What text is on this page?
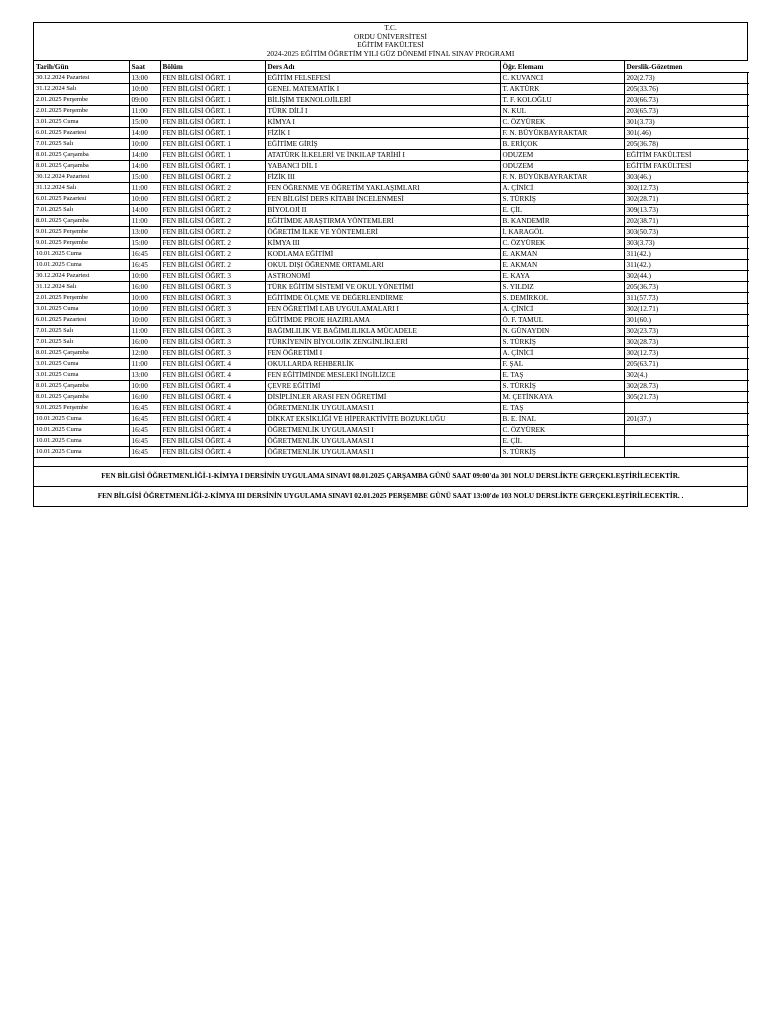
T.C.
ORDU ÜNİVERSİTESİ
EĞİTİM FAKÜLTESİ
2024-2025 EĞİTİM ÖĞRETİM YILI GÜZ DÖNEMİ FİNAL SINAV PROGRAMI
Tarih/Gün	Saat	Bölüm	Ders Adı	Öğr. Elemanı	Derslik-Gözetmen
30.12.2024 Pazartesi	13:00	FEN BİLGİSİ ÖĞRT. 1	EĞİTİM FELSEFESİ	C. KUVANCI	202(2.73)
31.12.2024 Salı	10:00	FEN BİLGİSİ ÖĞRT. 1	GENEL MATEMATİK I	T. AKTÜRK	205(33.76)
2.01.2025 Perşembe	09:00	FEN BİLGİSİ ÖĞRT. 1	BİLİŞİM TEKNOLOJİLERİ	T. F. KOLOĞLU	203(66.73)
2.01.2025 Perşembe	11:00	FEN BİLGİSİ ÖĞRT. 1	TÜRK DİLİ I	N. KUL	203(65.73)
3.01.2025 Cuma	15:00	FEN BİLGİSİ ÖĞRT. 1	KİMYA I	C. ÖZYÜREK	301(3.73)
6.01.2025 Pazartesi	14:00	FEN BİLGİSİ ÖĞRT. 1	FİZİK I	F. N. BÜYÜKBAYRAKTAR	301(.46)
7.01.2025 Salı	10:00	FEN BİLGİSİ ÖĞRT. 1	EĞİTİME GİRİŞ	B. ERİÇOK	205(36.78)
8.01.2025 Çarşamba	14:00	FEN BİLGİSİ ÖĞRT. 1	ATATÜRK İLKELERİ VE İNKILAP TARİHİ I	ODUZEM	EĞİTİM FAKÜLTESİ
8.01.2025 Çarşamba	14:00	FEN BİLGİSİ ÖĞRT. 1	YABANCI DİL I	ODUZEM	EĞİTİM FAKÜLTESİ
30.12.2024 Pazartesi	15:00	FEN BİLGİSİ ÖĞRT. 2	FİZİK III	F. N. BÜYÜKBAYRAKTAR	303(46.)
31.12.2024 Salı	11:00	FEN BİLGİSİ ÖĞRT. 2	FEN ÖĞRENME VE ÖĞRETİM YAKLAŞIMLARI	A. ÇİNİCİ	302(12.73)
6.01.2025 Pazartesi	10:00	FEN BİLGİSİ ÖĞRT. 2	FEN BİLGİSİ DERS KİTABI İNCELENMESİ	S. TÜRKİŞ	302(28.71)
7.01.2025 Salı	14:00	FEN BİLGİSİ ÖĞRT. 2	BİYOLOJİ II	E. ÇİL	309(13.73)
8.01.2025 Çarşamba	11:00	FEN BİLGİSİ ÖĞRT. 2	EĞİTİMDE ARAŞTIRMA YÖNTEMLERİ	B. KANDEMİR	202(38.71)
9.01.2025 Perşembe	13:00	FEN BİLGİSİ ÖĞRT. 2	ÖĞRETİM İLKE VE YÖNTEMLERİ	İ. KARAGÖL	303(50.73)
9.01.2025 Perşembe	15:00	FEN BİLGİSİ ÖĞRT. 2	KİMYA III	C. ÖZYÜREK	303(3.73)
10.01.2025 Cuma	16:45	FEN BİLGİSİ ÖĞRT. 2	KODLAMA EĞİTİMİ	E. AKMAN	311(42.)
10.01.2025 Cuma	16:45	FEN BİLGİSİ ÖĞRT. 2	OKUL DIŞI ÖĞRENME ORTAMLARI	E. AKMAN	311(42.)
30.12.2024 Pazartesi	10:00	FEN BİLGİSİ ÖĞRT. 3	ASTRONOMİ	E. KAYA	302(44.)
31.12.2024 Salı	16:00	FEN BİLGİSİ ÖĞRT. 3	TÜRK EĞİTİM SİSTEMİ VE OKUL YÖNETİMİ	S. YILDIZ	205(36.73)
2.01.2025 Perşembe	10:00	FEN BİLGİSİ ÖĞRT. 3	EĞİTİMDE ÖLÇME VE DEĞERLENDİRME	S. DEMİRKOL	311(57.73)
3.01.2025 Cuma	10:00	FEN BİLGİSİ ÖĞRT. 3	FEN ÖĞRETİMİ LAB UYGULAMALARI I	A. ÇİNİCİ	302(12.71)
6.01.2025 Pazartesi	10:00	FEN BİLGİSİ ÖĞRT. 3	EĞİTİMDE PROJE HAZIRLAMA	Ö. F. TAMUL	301(60.)
7.01.2025 Salı	11:00	FEN BİLGİSİ ÖĞRT. 3	BAĞIMLILIK VE BAĞIMLILIKLA MÜCADELE	N. GÜNAYDIN	302(23.73)
7.01.2025 Salı	16:00	FEN BİLGİSİ ÖĞRT. 3	TÜRKİYENİN BİYOLOJİK ZENGİNLİKLERİ	S. TÜRKİŞ	302(28.73)
8.01.2025 Çarşamba	12:00	FEN BİLGİSİ ÖĞRT. 3	FEN ÖĞRETİMİ I	A. ÇİNİCİ	302(12.73)
3.01.2025 Cuma	11:00	FEN BİLGİSİ ÖĞRT. 4	OKULLARDA REHBERLİK	F. ŞAL	205(63.71)
3.01.2025 Cuma	13:00	FEN BİLGİSİ ÖĞRT. 4	FEN EĞİTİMİNDE MESLEKİ İNGİLİZCE	E. TAŞ	302(4.)
8.01.2025 Çarşamba	10:00	FEN BİLGİSİ ÖĞRT. 4	ÇEVRE EĞİTİMİ	S. TÜRKİŞ	302(28.73)
8.01.2025 Çarşamba	16:00	FEN BİLGİSİ ÖĞRT. 4	DİSİPLİNLER ARASI FEN ÖĞRETİMİ	M. ÇETİNKAYA	305(21.73)
9.01.2025 Perşembe	16:45	FEN BİLGİSİ ÖĞRT. 4	ÖĞRETMENLİK UYGULAMASI I	E. TAŞ	
10.01.2025 Cuma	16:45	FEN BİLGİSİ ÖĞRT. 4	DİKKAT EKSİKLİĞİ VE HİPERAKTİVİTE BOZUKLUĞU	B. E. İNAL	201(37.)
10.01.2025 Cuma	16:45	FEN BİLGİSİ ÖĞRT. 4	ÖĞRETMENLİK UYGULAMASI I	C. ÖZYÜREK	
10.01.2025 Cuma	16:45	FEN BİLGİSİ ÖĞRT. 4	ÖĞRETMENLİK UYGULAMASI I	E. ÇİL	
10.01.2025 Cuma	16:45	FEN BİLGİSİ ÖĞRT. 4	ÖĞRETMENLİK UYGULAMASI I	S. TÜRKİŞ	
FEN BİLGİSİ ÖĞRETMENLİĞİ-1-KİMYA I DERSİNİN UYGULAMA SINAVI 08.01.2025 ÇARŞAMBA GÜNÜ SAAT 09:00'da 301 NOLU DERSLİKTE GERÇEKLEŞTİRİLECEKTİR.
FEN BİLGİSİ ÖĞRETMENLİĞİ-2-KİMYA III DERSİNİN UYGULAMA SINAVI 02.01.2025 PERŞEMBE GÜNÜ SAAT 13:00'de 103 NOLU DERSLİKTE GERÇEKLEŞTİRİLECEKTİR. .
